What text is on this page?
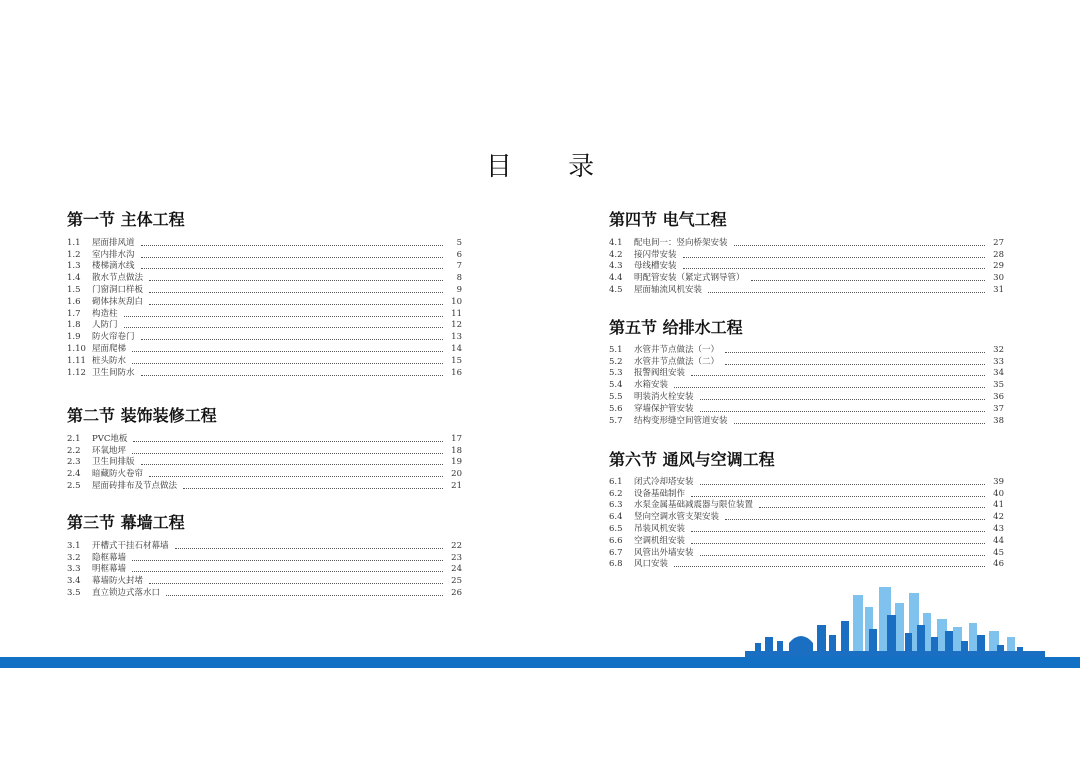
目 录
第一节 主体工程
1.1	屋面排风道	5
1.2	室内排水沟	6
1.3	楼梯滴水线	7
1.4	散水节点做法	8
1.5	门窗洞口样板	9
1.6	砌体抹灰刮白	10
1.7	构造柱	11
1.8	人防门	12
1.9	防火帘卷门	13
1.10 屋面爬梯	14
1.11 桩头防水	15
1.12 卫生间防水	16
第二节 装饰装修工程
2.1	PVC地板	17
2.2	环氧地坪	18
2.3	卫生间排版	19
2.4	暗藏防火卷帘	20
2.5	屋面砖排布及节点做法	21
第三节 幕墙工程
3.1	开槽式干挂石材幕墙	22
3.2	隐框幕墙	23
3.3	明框幕墙	24
3.4	幕墙防火封堵	25
3.5	直立锁边式落水口	26
第四节 电气工程
4.1	配电间一：竖向桥架安装	27
4.2	接闪带安装	28
4.3	母线槽安装	29
4.4	明配管安装（紧定式钢导管）	30
4.5	屋面轴流风机安装	31
第五节 给排水工程
5.1	水管井节点做法（一）	32
5.2	水管井节点做法（二）	33
5.3	报警阀组安装	34
5.4	水箱安装	35
5.5	明装消火栓安装	36
5.6	穿墙保护管安装	37
5.7	结构变形缝空间管道安装	38
第六节 通风与空调工程
6.1	闭式冷却塔安装	39
6.2	设备基础制作	40
6.3	水泵金属基础减震器与限位装置	41
6.4	竖向空调水管支架安装	42
6.5	吊装风机安装	43
6.6	空调机组安装	44
6.7	风管出外墙安装	45
6.8	风口安装	46
